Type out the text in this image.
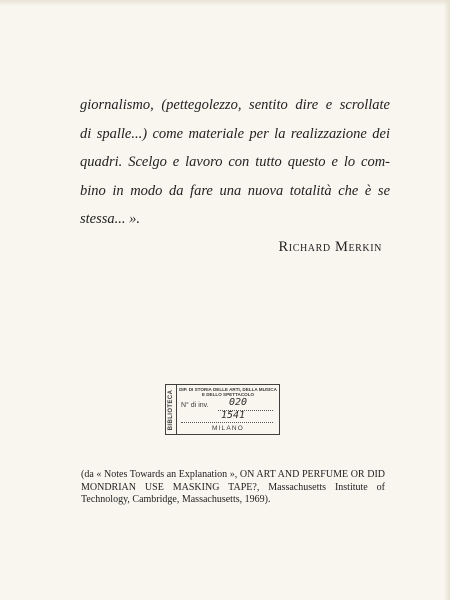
giornalismo, (pettegolezzo, sentito dire e scrollate
di spalle...) come materiale per la realizzazione dei
quadri. Scelgo e lavoro con tutto questo e lo com-
bino in modo da fare una nuova totalità che è se
stessa... ».
Richard Merkin
BIBLIOTECA DIP. DI STORIA DELLE ARTI, DELLA MUSICA
E DELLO SPETTACOLO
N° di inv. 020
1541
MILANO
(da « Notes Towards an Explanation », ON ART AND PERFUME OR DID MONDRIAN USE MASKING TAPE?, Massachusetts Institute of Technology, Cambridge, Massachusetts, 1969).
